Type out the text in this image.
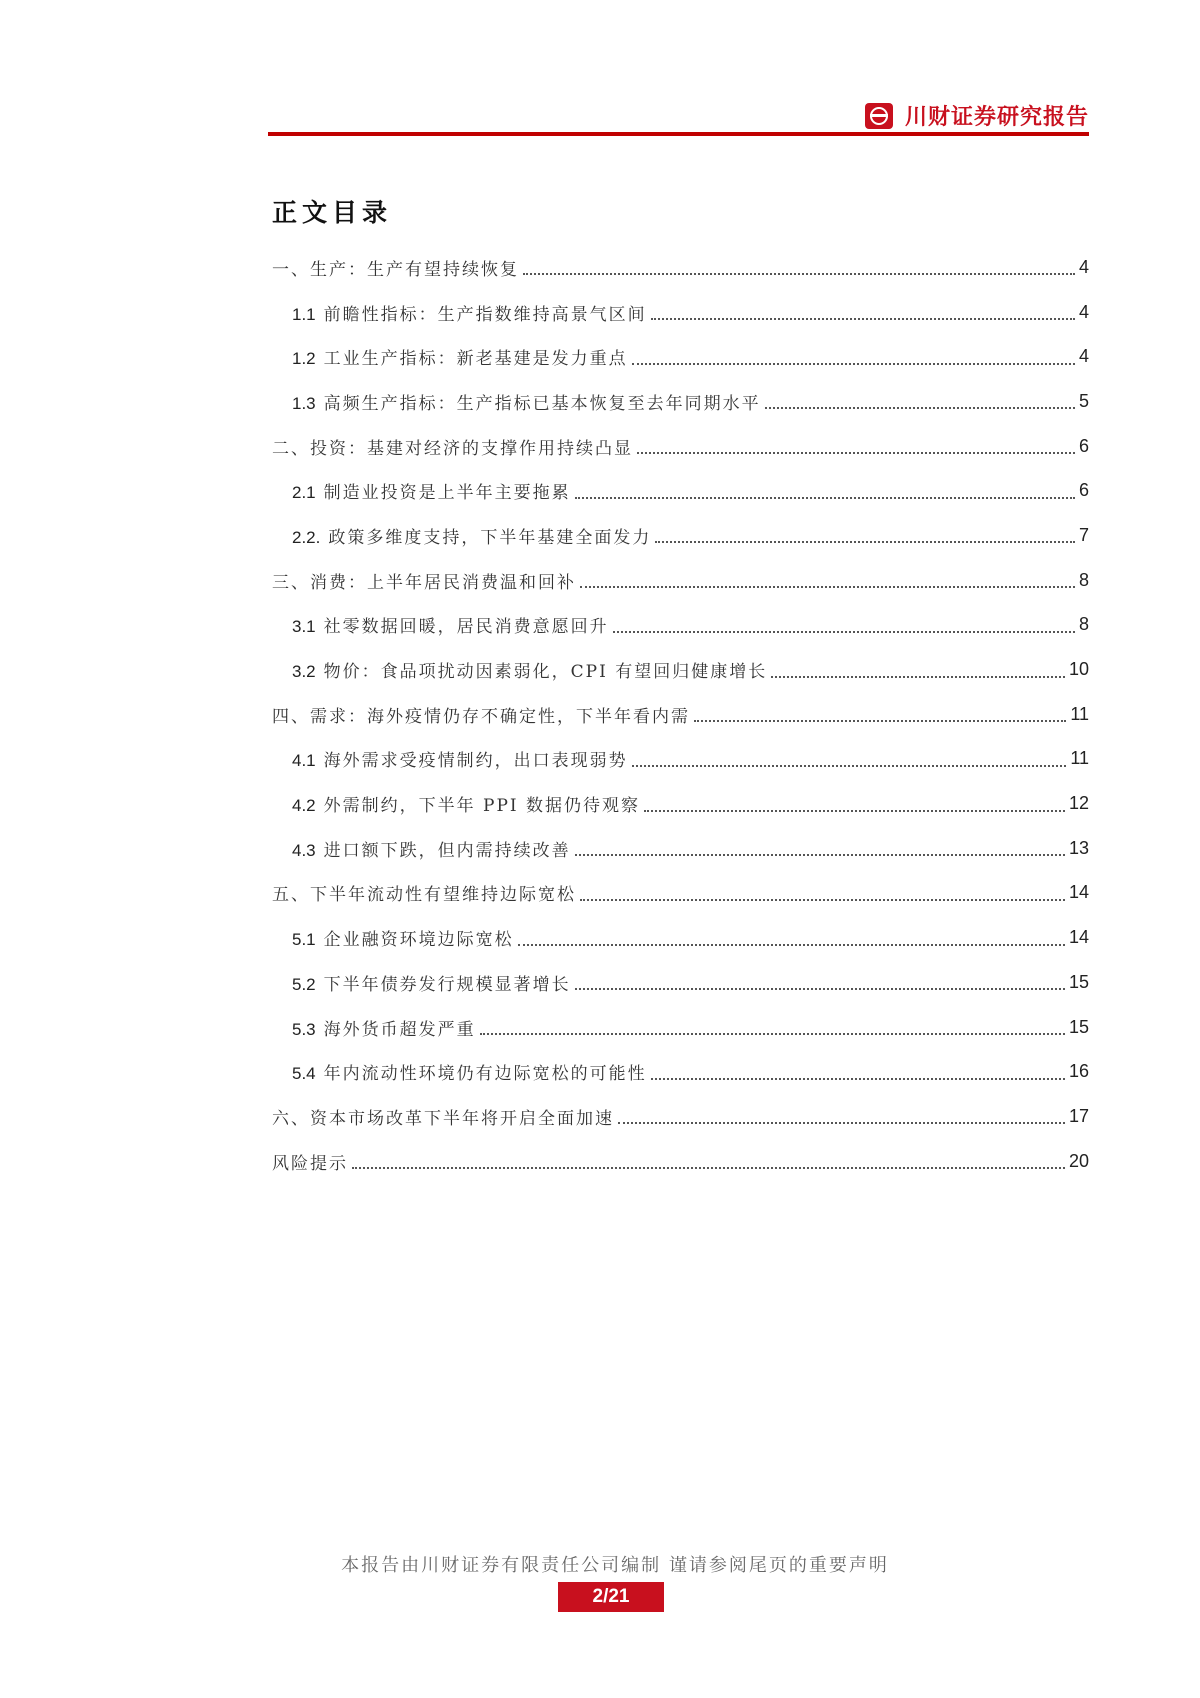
川财证券研究报告
正文目录
一、生产：生产有望持续恢复	4
1.1 前瞻性指标：生产指数维持高景气区间	4
1.2 工业生产指标：新老基建是发力重点	4
1.3 高频生产指标：生产指标已基本恢复至去年同期水平	5
二、投资：基建对经济的支撑作用持续凸显	6
2.1 制造业投资是上半年主要拖累	6
2.2. 政策多维度支持，下半年基建全面发力	7
三、消费：上半年居民消费温和回补	8
3.1 社零数据回暖，居民消费意愿回升	8
3.2 物价：食品项扰动因素弱化，CPI 有望回归健康增长	10
四、需求：海外疫情仍存不确定性，下半年看内需	11
4.1 海外需求受疫情制约，出口表现弱势	11
4.2 外需制约，下半年 PPI 数据仍待观察	12
4.3 进口额下跌，但内需持续改善	13
五、下半年流动性有望维持边际宽松	14
5.1 企业融资环境边际宽松	14
5.2 下半年债券发行规模显著增长	15
5.3 海外货币超发严重	15
5.4 年内流动性环境仍有边际宽松的可能性	16
六、资本市场改革下半年将开启全面加速	17
风险提示	20
本报告由川财证券有限责任公司编制 谨请参阅尾页的重要声明
2/21
